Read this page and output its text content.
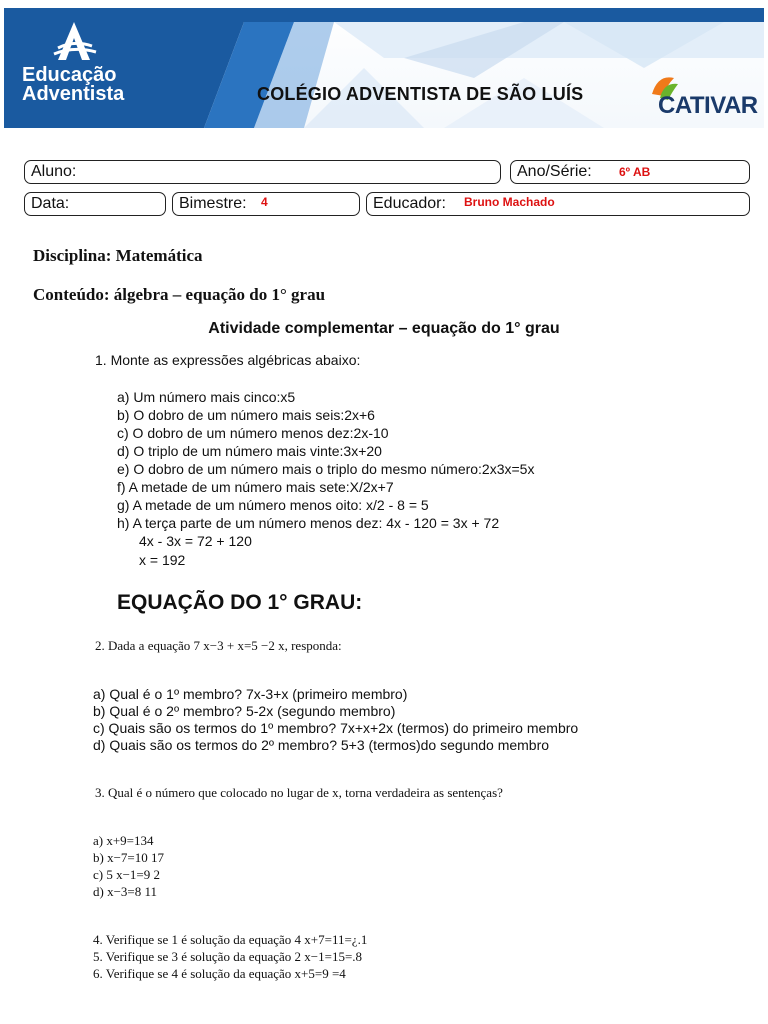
Educação
Adventista	COLÉGIO ADVENTISTA DE SÃO LUÍS	CATIVAR
Aluno:	Ano/Série: 6º AB
Data:	Bimestre: 4	Educador: Bruno Machado
Disciplina: Matemática
Conteúdo: álgebra – equação do 1° grau
Atividade complementar – equação do 1° grau
1. Monte as expressões algébricas abaixo:
a) Um número mais cinco:x5
b) O dobro de um número mais seis:2x+6
c) O dobro de um número menos dez:2x-10
d) O triplo de um número mais vinte:3x+20
e) O dobro de um número mais o triplo do mesmo número:2x3x=5x
f) A metade de um número mais sete:X/2x+7
g) A metade de um número menos oito: x/2 - 8 = 5
h) A terça parte de um número menos dez: 4x - 120 = 3x + 72
4x - 3x = 72 + 120
x = 192
EQUAÇÃO DO 1° GRAU:
2. Dada a equação 7 x−3 + x=5 −2 x, responda:
a) Qual é o 1º membro? 7x-3+x (primeiro membro)
b) Qual é o 2º membro? 5-2x (segundo membro)
c) Quais são os termos do 1º membro? 7x+x+2x (termos) do primeiro membro
d) Quais são os termos do 2º membro? 5+3 (termos)do segundo membro
3. Qual é o número que colocado no lugar de x, torna verdadeira as sentenças?
a) x+9=134
b) x−7=10 17
c) 5 x−1=9 2
d) x−3=8 11
4. Verifique se 1 é solução da equação 4 x+7=11=¿.1
5. Verifique se 3 é solução da equação 2 x−1=15=.8
6. Verifique se 4 é solução da equação x+5=9 =4
